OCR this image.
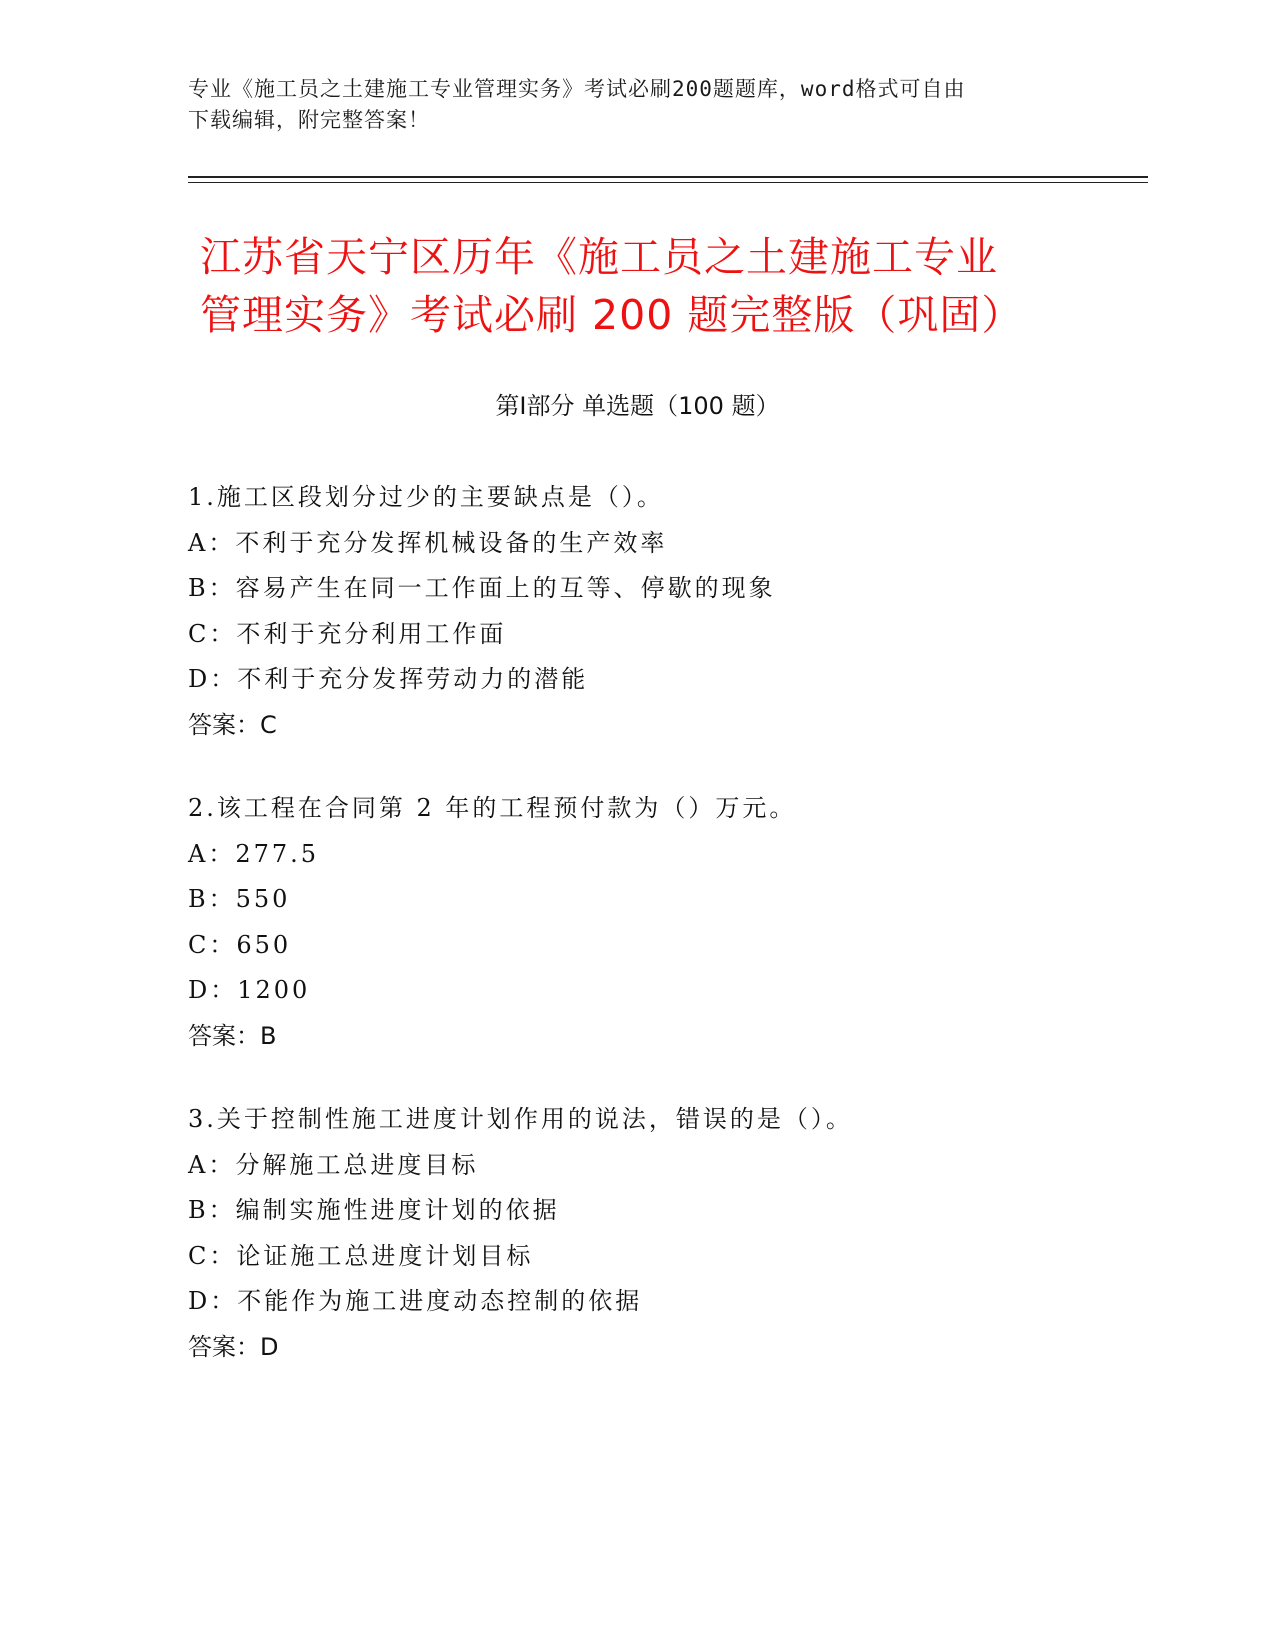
专业《施工员之土建施工专业管理实务》考试必刷200题题库，word格式可自由
下载编辑，附完整答案！
江苏省天宁区历年《施工员之土建施工专业
管理实务》考试必刷 200 题完整版（巩固）
第Ⅰ部分 单选题（100 题）
1.施工区段划分过少的主要缺点是（）。
A：不利于充分发挥机械设备的生产效率
B：容易产生在同一工作面上的互等、停歇的现象
C：不利于充分利用工作面
D：不利于充分发挥劳动力的潜能
答案：C
2.该工程在合同第 2 年的工程预付款为（）万元。
A：277.5
B：550
C：650
D：1200
答案：B
3.关于控制性施工进度计划作用的说法，错误的是（）。
A：分解施工总进度目标
B：编制实施性进度计划的依据
C：论证施工总进度计划目标
D：不能作为施工进度动态控制的依据
答案：D
